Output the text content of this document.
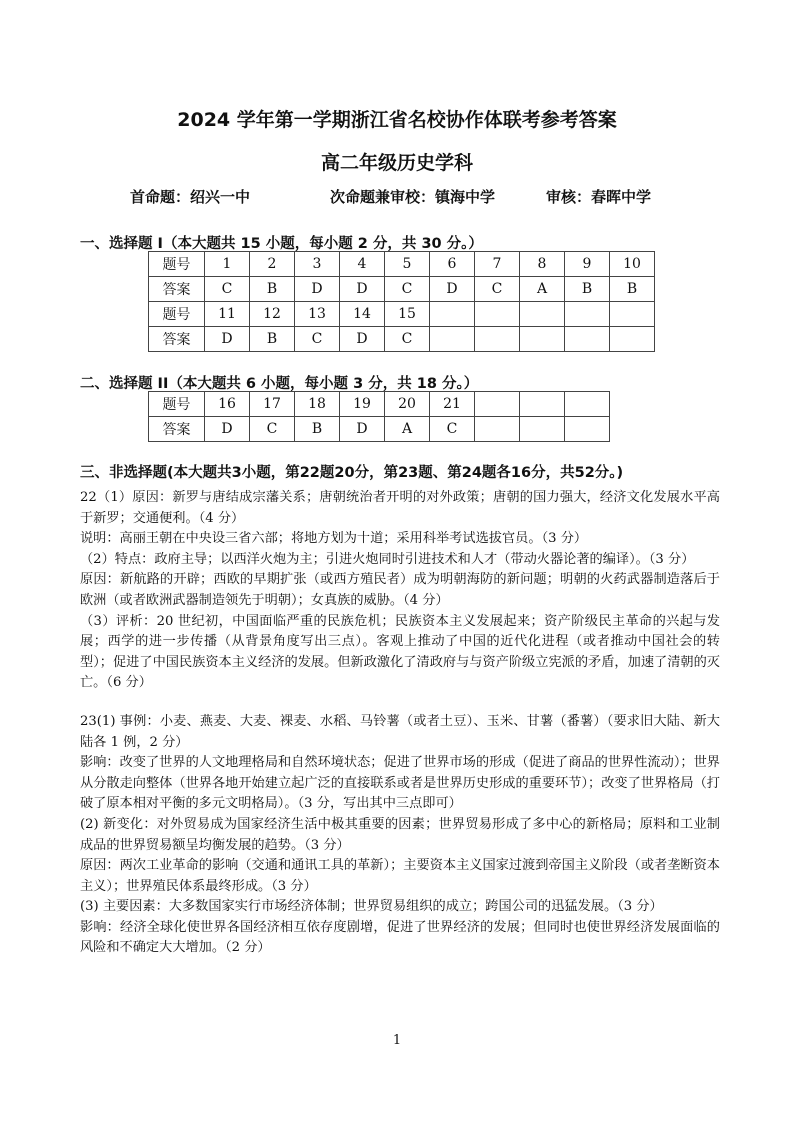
2024 学年第一学期浙江省名校协作体联考参考答案
高二年级历史学科
首命题：绍兴一中	次命题兼审校：镇海中学	审核：春晖中学
一、选择题 I（本大题共 15 小题，每小题 2 分，共 30 分。）
题号	1	2	3	4	5	6	7	8	9	10
答案	C	B	D	D	C	D	C	A	B	B
题号	11	12	13	14	15					
答案	D	B	C	D	C					
二、选择题 II（本大题共 6 小题，每小题 3 分，共 18 分。）
题号	16	17	18	19	20	21			
答案	D	C	B	D	A	C			
三、非选择题(本大题共3小题，第22题20分，第23题、第24题各16分，共52分。)

22（1）原因：新罗与唐结成宗藩关系；唐朝统治者开明的对外政策；唐朝的国力强大，经济文化发展水平高于新罗；交通便利。（4 分）

说明：高丽王朝在中央设三省六部；将地方划为十道；采用科举考试选拔官员。（3 分）

（2）特点：政府主导；以西洋火炮为主；引进火炮同时引进技术和人才（带动火器论著的编译）。（3 分）

原因：新航路的开辟；西欧的早期扩张（或西方殖民者）成为明朝海防的新问题；明朝的火药武器制造落后于欧洲（或者欧洲武器制造领先于明朝）；女真族的威胁。（4 分）

（3）评析：20 世纪初，中国面临严重的民族危机；民族资本主义发展起来；资产阶级民主革命的兴起与发展；西学的进一步传播（从背景角度写出三点）。客观上推动了中国的近代化进程（或者推动中国社会的转型）；促进了中国民族资本主义经济的发展。但新政激化了清政府与与资产阶级立宪派的矛盾，加速了清朝的灭亡。（6 分）

23(1) 事例：小麦、燕麦、大麦、裸麦、水稻、马铃薯（或者土豆）、玉米、甘薯（番薯）（要求旧大陆、新大陆各 1 例，2 分）

影响：改变了世界的人文地理格局和自然环境状态；促进了世界市场的形成（促进了商品的世界性流动）；世界从分散走向整体（世界各地开始建立起广泛的直接联系或者是世界历史形成的重要环节）；改变了世界格局（打破了原本相对平衡的多元文明格局）。（3 分，写出其中三点即可）

(2) 新变化：对外贸易成为国家经济生活中极其重要的因素；世界贸易形成了多中心的新格局；原料和工业制成品的世界贸易额呈均衡发展的趋势。（3 分）

原因：两次工业革命的影响（交通和通讯工具的革新）；主要资本主义国家过渡到帝国主义阶段（或者垄断资本主义）；世界殖民体系最终形成。（3 分）

(3) 主要因素：大多数国家实行市场经济体制；世界贸易组织的成立；跨国公司的迅猛发展。（3 分）

影响：经济全球化使世界各国经济相互依存度剧增，促进了世界经济的发展；但同时也使世界经济发展面临的风险和不确定大大增加。（2 分）

1
